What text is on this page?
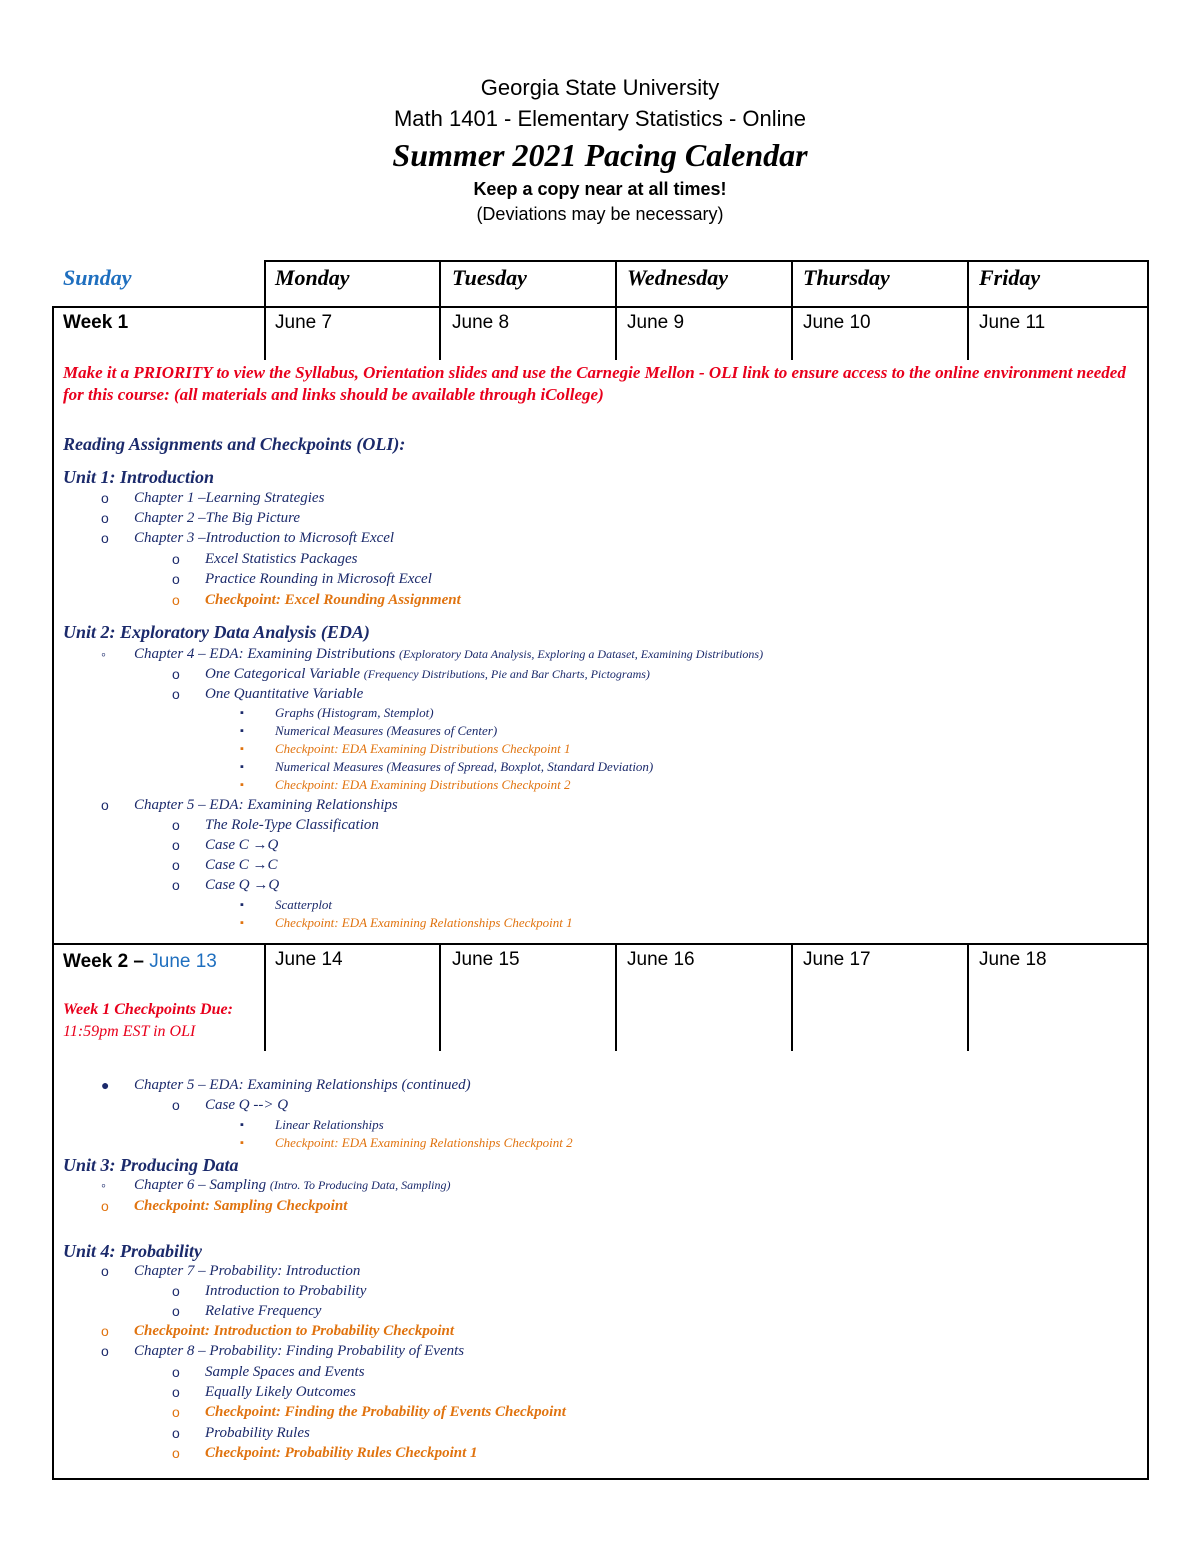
Georgia State University
Math 1401 - Elementary Statistics - Online
Summer 2021 Pacing Calendar
Keep a copy near at all times!
(Deviations may be necessary)
Sunday	Monday	Tuesday	Wednesday	Thursday	Friday
Week 1	June 7	June 8	June 9	June 10	June 11
Make it a PRIORITY to view the Syllabus, Orientation slides and use the Carnegie Mellon - OLI link to ensure access to the online environment needed for this course: (all materials and links should be available through iCollege)
Reading Assignments and Checkpoints (OLI):
Unit 1: Introduction
o Chapter 1 –Learning Strategies
o Chapter 2 –The Big Picture
o Chapter 3 –Introduction to Microsoft Excel
o Excel Statistics Packages
o Practice Rounding in Microsoft Excel
o Checkpoint: Excel Rounding Assignment
Unit 2: Exploratory Data Analysis (EDA)
◦ Chapter 4 – EDA: Examining Distributions (Exploratory Data Analysis, Exploring a Dataset, Examining Distributions)
o One Categorical Variable (Frequency Distributions, Pie and Bar Charts, Pictograms)
o One Quantitative Variable
▪ Graphs (Histogram, Stemplot)
▪ Numerical Measures (Measures of Center)
▪ Checkpoint: EDA Examining Distributions Checkpoint 1
▪ Numerical Measures (Measures of Spread, Boxplot, Standard Deviation)
▪ Checkpoint: EDA Examining Distributions Checkpoint 2
o Chapter 5 – EDA: Examining Relationships
o The Role-Type Classification
o Case C →Q
o Case C →C
o Case Q →Q
▪ Scatterplot
▪ Checkpoint: EDA Examining Relationships Checkpoint 1
Week 2 – June 13	June 14	June 15	June 16	June 17	June 18
Week 1 Checkpoints Due:
11:59pm EST in OLI
● Chapter 5 – EDA: Examining Relationships (continued)
o Case Q --> Q
▪ Linear Relationships
▪ Checkpoint: EDA Examining Relationships Checkpoint 2
Unit 3: Producing Data
◦ Chapter 6 – Sampling (Intro. To Producing Data, Sampling)
o Checkpoint: Sampling Checkpoint
Unit 4: Probability
o Chapter 7 – Probability: Introduction
o Introduction to Probability
o Relative Frequency
o Checkpoint: Introduction to Probability Checkpoint
o Chapter 8 – Probability: Finding Probability of Events
o Sample Spaces and Events
o Equally Likely Outcomes
o Checkpoint: Finding the Probability of Events Checkpoint
o Probability Rules
o Checkpoint: Probability Rules Checkpoint 1
